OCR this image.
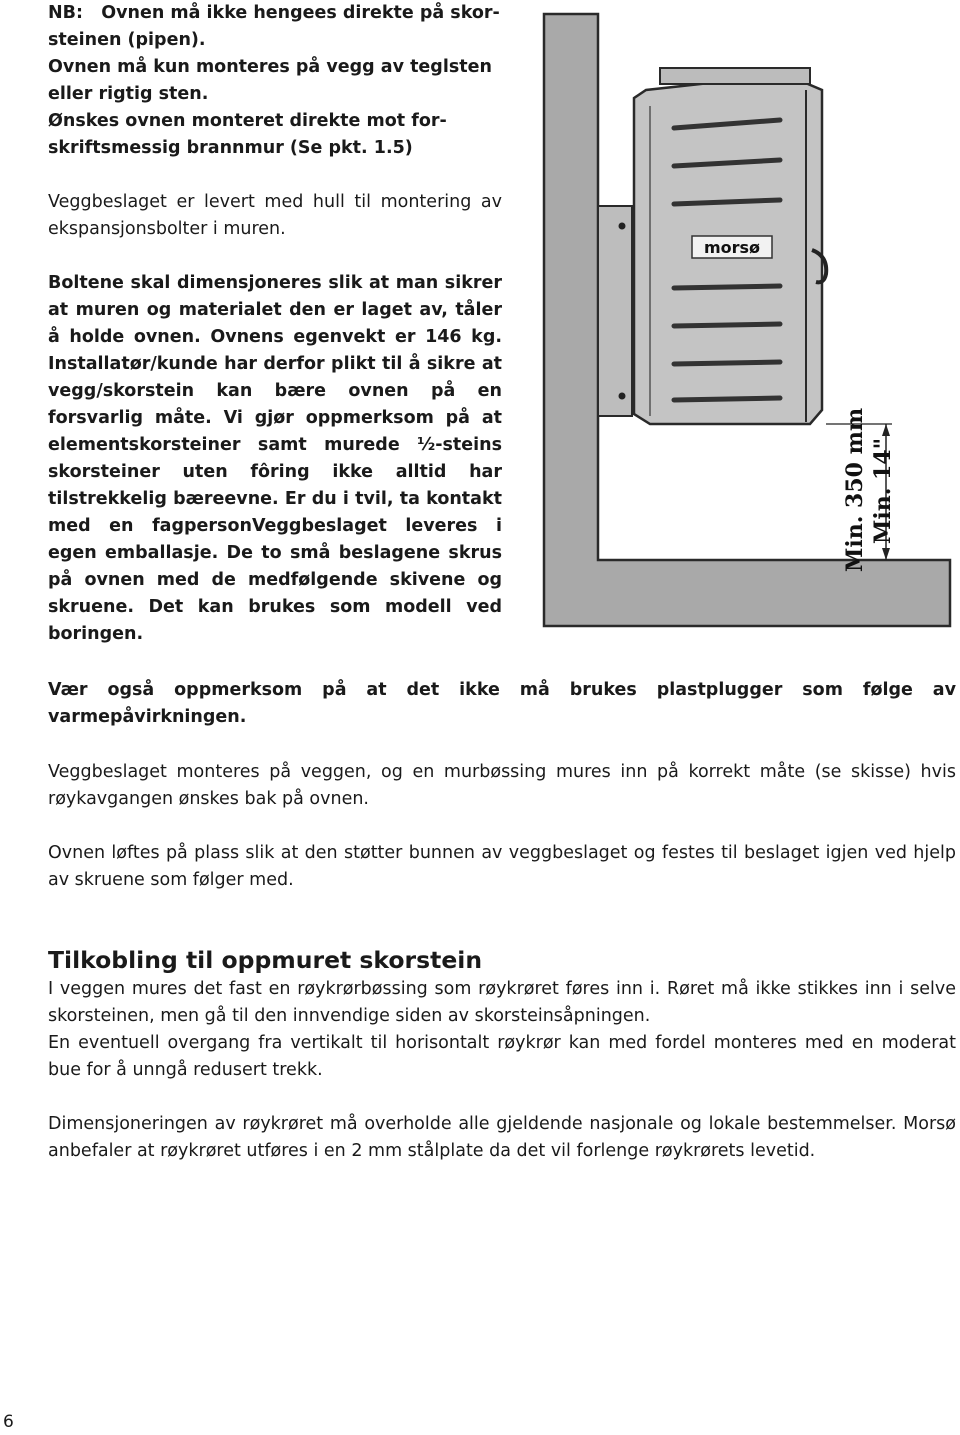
NB:   Ovnen må ikke hengees direkte på skor-

steinen (pipen).

Ovnen må kun monteres på vegg av teglsten

eller rigtig sten.

Ønskes ovnen monteret direkte mot for-

skriftsmessig brannmur (Se pkt. 1.5)

Veggbeslaget er levert med hull til montering av ekspansjonsbolter i muren.

Boltene skal dimensjoneres slik at man sikrer at muren og materialet den er laget av, tåler å holde ovnen. Ovnens egenvekt er 146 kg. Installatør/kunde har derfor plikt til å sikre at vegg/skorstein kan bære ovnen på en forsvarlig måte. Vi gjør oppmerksom på at elementskorsteiner samt murede ½-steins skorsteiner uten fôring ikke alltid har tilstrekkelig bæreevne. Er du i tvil, ta kontakt med en fagpersonVeggbeslaget leveres i egen emballasje. De to små beslagene skrus på ovnen med de medfølgende skivene og skruene. Det kan brukes som modell ved boringen.

morsø
Min. 350 mm Min. 14"

Vær også oppmerksom på at det ikke må brukes plastplugger som følge av varmepåvirkningen.

Veggbeslaget monteres på veggen, og en murbøssing mures inn på korrekt måte (se skisse) hvis røykavgangen ønskes bak på ovnen.

Ovnen løftes på plass slik at den støtter bunnen av veggbeslaget og festes til beslaget igjen ved hjelp av skruene som følger med.

Tilkobling til oppmuret skorstein

I veggen mures det fast en røykrørbøssing som røykrøret føres inn i. Røret må ikke stikkes inn i selve skorsteinen, men gå til den innvendige siden av skorsteinsåpningen.

En eventuell overgang fra vertikalt til horisontalt røykrør kan med fordel monteres med en moderat bue for å unngå redusert trekk.

Dimensjoneringen av røykrøret må overholde alle gjeldende nasjonale og lokale bestemmelser. Morsø anbefaler at røykrøret utføres i en 2 mm stålplate da det vil forlenge røykrørets levetid.

6
